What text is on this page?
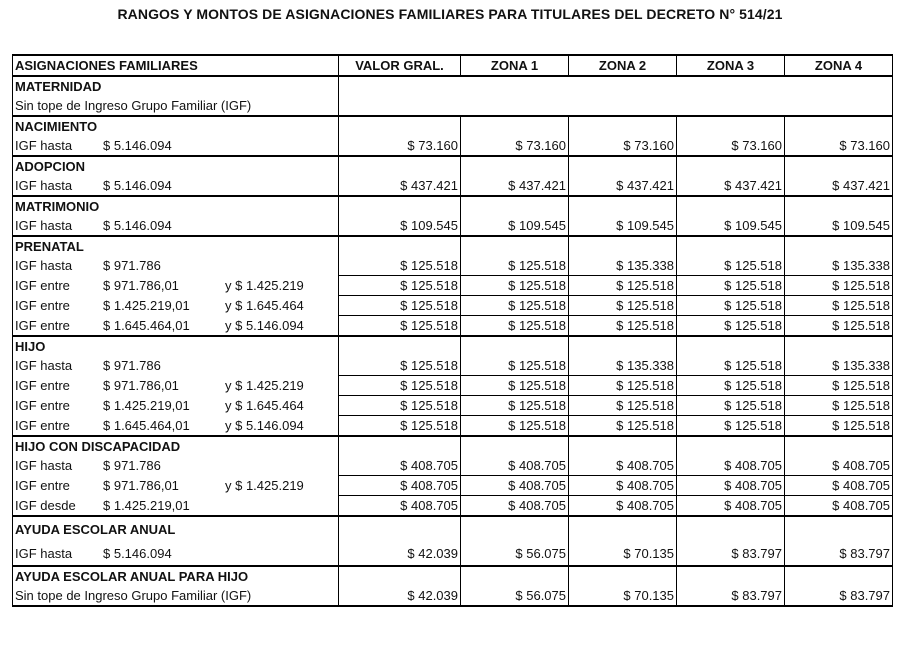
RANGOS Y MONTOS DE ASIGNACIONES FAMILIARES PARA TITULARES DEL DECRETO N° 514/21
ASIGNACIONES FAMILIARES	VALOR GRAL.	ZONA 1	ZONA 2	ZONA 3	ZONA 4
MATERNIDAD					
Sin tope de Ingreso Grupo Familiar (IGF)					
NACIMIENTO					
IGF hasta $ 5.146.094	$ 73.160	$ 73.160	$ 73.160	$ 73.160	$ 73.160
ADOPCION					
IGF hasta $ 5.146.094	$ 437.421	$ 437.421	$ 437.421	$ 437.421	$ 437.421
MATRIMONIO					
IGF hasta $ 5.146.094	$ 109.545	$ 109.545	$ 109.545	$ 109.545	$ 109.545
PRENATAL					
IGF hasta $ 971.786	$ 125.518	$ 125.518	$ 135.338	$ 125.518	$ 135.338
IGF entre $ 971.786,01 y $ 1.425.219	$ 125.518	$ 125.518	$ 125.518	$ 125.518	$ 125.518
IGF entre $ 1.425.219,01 y $ 1.645.464	$ 125.518	$ 125.518	$ 125.518	$ 125.518	$ 125.518
IGF entre $ 1.645.464,01 y $ 5.146.094	$ 125.518	$ 125.518	$ 125.518	$ 125.518	$ 125.518
HIJO					
IGF hasta $ 971.786	$ 125.518	$ 125.518	$ 135.338	$ 125.518	$ 135.338
IGF entre $ 971.786,01 y $ 1.425.219	$ 125.518	$ 125.518	$ 125.518	$ 125.518	$ 125.518
IGF entre $ 1.425.219,01 y $ 1.645.464	$ 125.518	$ 125.518	$ 125.518	$ 125.518	$ 125.518
IGF entre $ 1.645.464,01 y $ 5.146.094	$ 125.518	$ 125.518	$ 125.518	$ 125.518	$ 125.518
HIJO CON DISCAPACIDAD					
IGF hasta $ 971.786	$ 408.705	$ 408.705	$ 408.705	$ 408.705	$ 408.705
IGF entre $ 971.786,01 y $ 1.425.219	$ 408.705	$ 408.705	$ 408.705	$ 408.705	$ 408.705
IGF desde $ 1.425.219,01	$ 408.705	$ 408.705	$ 408.705	$ 408.705	$ 408.705
AYUDA ESCOLAR ANUAL					
IGF hasta $ 5.146.094	$ 42.039	$ 56.075	$ 70.135	$ 83.797	$ 83.797
AYUDA ESCOLAR ANUAL PARA HIJO					
Sin tope de Ingreso Grupo Familiar (IGF)	$ 42.039	$ 56.075	$ 70.135	$ 83.797	$ 83.797
